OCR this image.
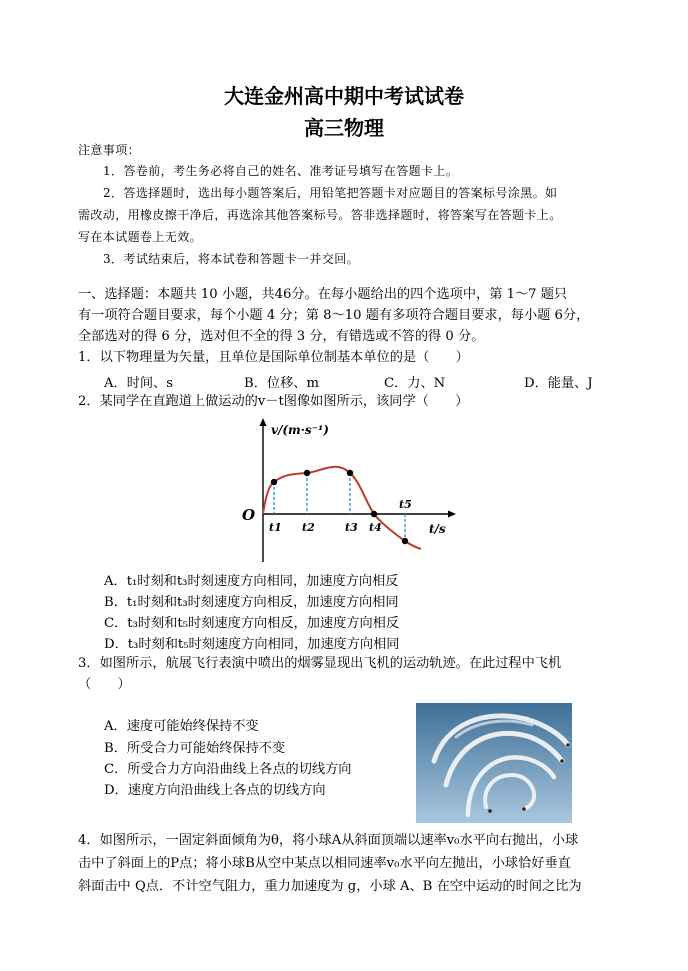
大连金州高中期中考试试卷
高三物理
注意事项：
1．答卷前，考生务必将自己的姓名、准考证号填写在答题卡上。
2．答选择题时，选出每小题答案后，用铅笔把答题卡对应题目的答案标号涂黑。如
需改动，用橡皮擦干净后，再选涂其他答案标号。答非选择题时，将答案写在答题卡上。
写在本试题卷上无效。
3．考试结束后，将本试卷和答题卡一并交回。
一、选择题：本题共 10 小题，共46分。在每小题给出的四个选项中，第 1～7 题只
有一项符合题目要求，每个小题 4 分；第 8～10 题有多项符合题目要求，每小题 6分，
全部选对的得 6 分，选对但不全的得 3 分，有错选或不答的得 0 分。
1．以下物理量为矢量，且单位是国际单位制基本单位的是（　　）
A．时间、s	B．位移、m	C．力、N	D．能量、J
2．某同学在直跑道上做运动的v－t图像如图所示，该同学（　　）
v/(m·s⁻¹)
O
t/s
t1 t2	t3 t4
t5
A．t₁时刻和t₃时刻速度方向相同，加速度方向相反
B．t₁时刻和t₃时刻速度方向相反，加速度方向相同
C．t₃时刻和t₅时刻速度方向相反，加速度方向相反
D．t₃时刻和t₅时刻速度方向相同，加速度方向相同
3．如图所示，航展飞行表演中喷出的烟雾显现出飞机的运动轨迹。在此过程中飞机
（　　）
A．速度可能始终保持不变
B．所受合力可能始终保持不变
C．所受合力方向沿曲线上各点的切线方向
D．速度方向沿曲线上各点的切线方向
4．如图所示，一固定斜面倾角为θ，将小球A从斜面顶端以速率v₀水平向右抛出，小球
击中了斜面上的P点；将小球B从空中某点以相同速率v₀水平向左抛出，小球恰好垂直
斜面击中 Q点．不计空气阻力，重力加速度为 g，小球 A、B 在空中运动的时间之比为
